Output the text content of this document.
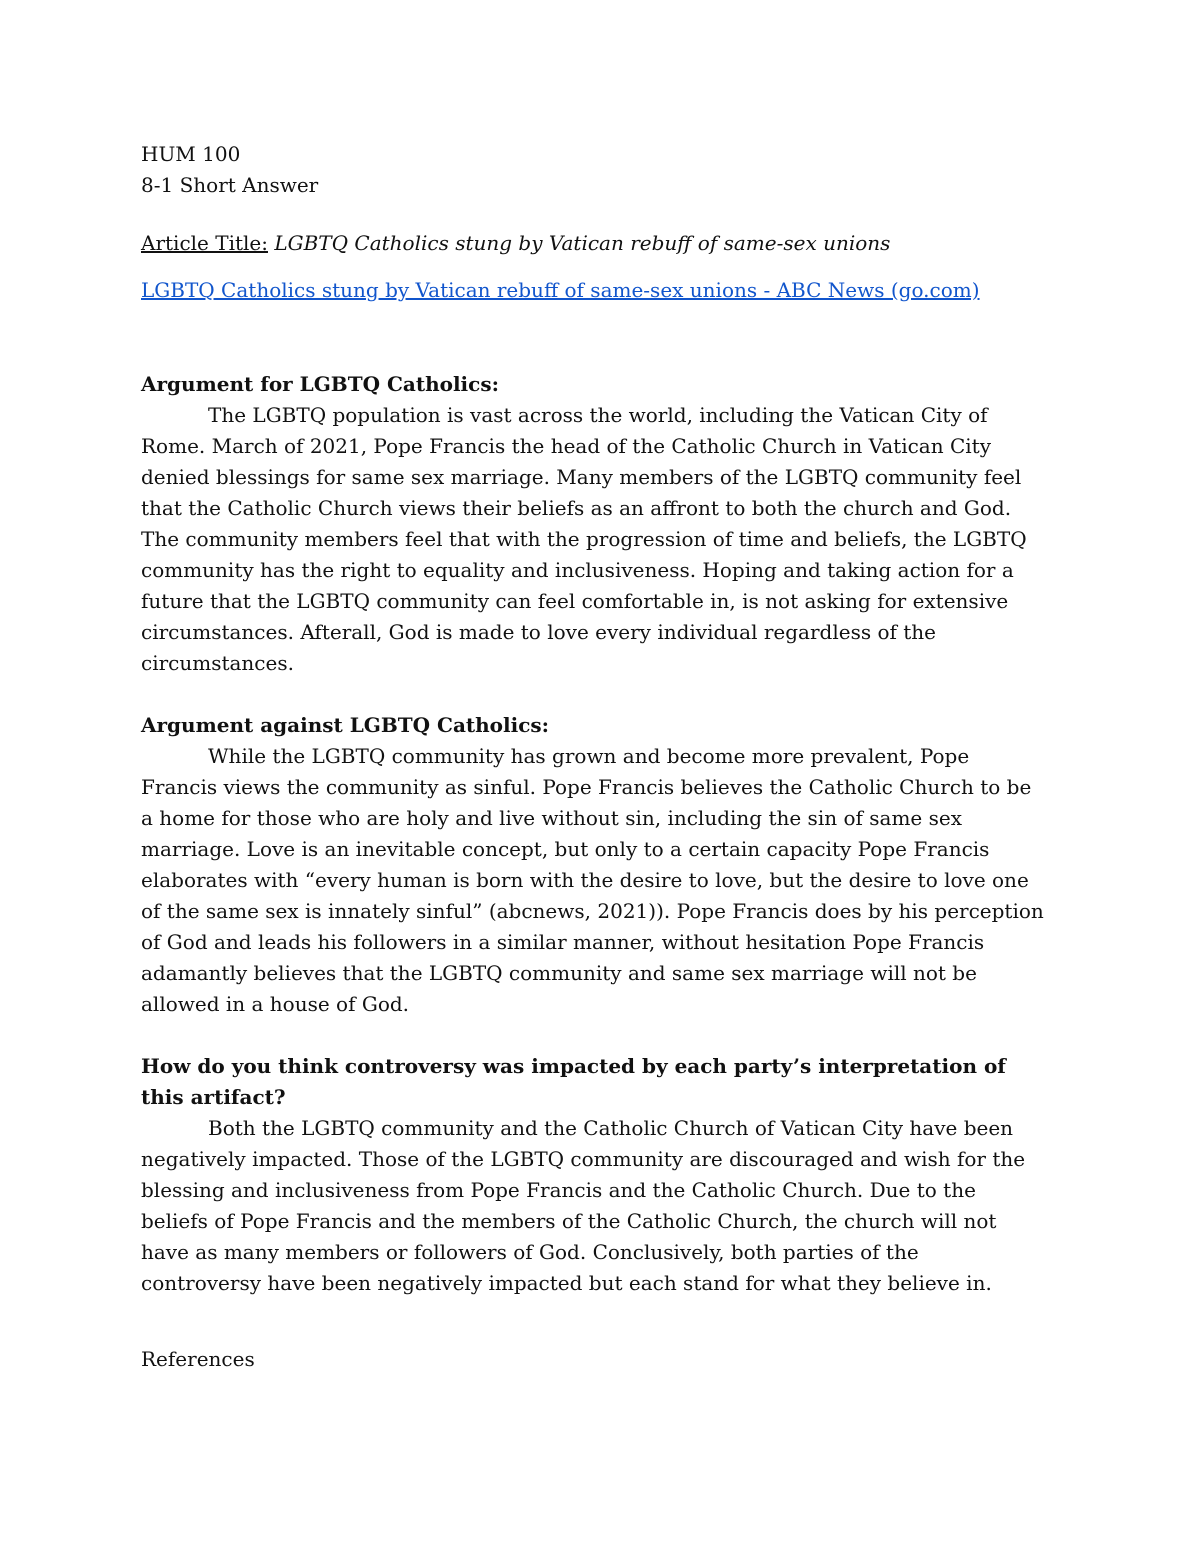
HUM 100

8-1 Short Answer

Article Title: LGBTQ Catholics stung by Vatican rebuff of same-sex unions

LGBTQ Catholics stung by Vatican rebuff of same-sex unions - ABC News (go.com)

Argument for LGBTQ Catholics:

The LGBTQ population is vast across the world, including the Vatican City of

Rome. March of 2021, Pope Francis the head of the Catholic Church in Vatican City

denied blessings for same sex marriage. Many members of the LGBTQ community feel

that the Catholic Church views their beliefs as an affront to both the church and God.

The community members feel that with the progression of time and beliefs, the LGBTQ

community has the right to equality and inclusiveness. Hoping and taking action for a

future that the LGBTQ community can feel comfortable in, is not asking for extensive

circumstances. Afterall, God is made to love every individual regardless of the

circumstances.

Argument against LGBTQ Catholics:

While the LGBTQ community has grown and become more prevalent, Pope

Francis views the community as sinful. Pope Francis believes the Catholic Church to be

a home for those who are holy and live without sin, including the sin of same sex

marriage. Love is an inevitable concept, but only to a certain capacity Pope Francis

elaborates with “every human is born with the desire to love, but the desire to love one

of the same sex is innately sinful” (abcnews, 2021)). Pope Francis does by his perception

of God and leads his followers in a similar manner, without hesitation Pope Francis

adamantly believes that the LGBTQ community and same sex marriage will not be

allowed in a house of God.

How do you think controversy was impacted by each party’s interpretation of this artifact?

Both the LGBTQ community and the Catholic Church of Vatican City have been

negatively impacted. Those of the LGBTQ community are discouraged and wish for the

blessing and inclusiveness from Pope Francis and the Catholic Church. Due to the

beliefs of Pope Francis and the members of the Catholic Church, the church will not

have as many members or followers of God. Conclusively, both parties of the

controversy have been negatively impacted but each stand for what they believe in.

References
